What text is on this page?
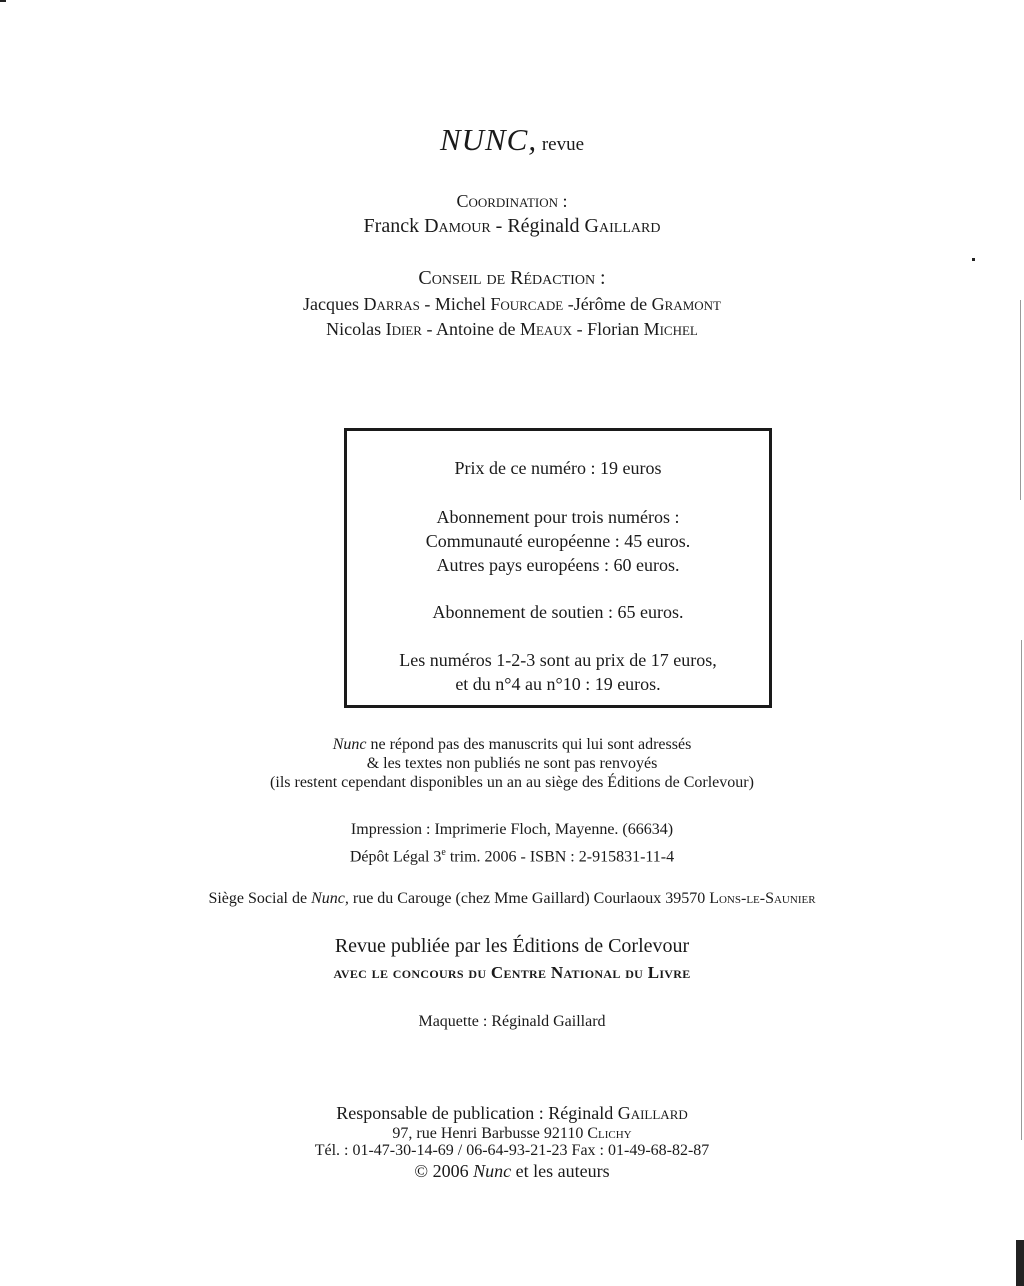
NUNC, revue
Coordination :
Franck Damour - Réginald Gaillard
Conseil de Rédaction :
Jacques Darras - Michel Fourcade -Jérôme de Gramont
Nicolas Idier - Antoine de Meaux - Florian Michel
Prix de ce numéro : 19 euros
Abonnement pour trois numéros :
Communauté européenne : 45 euros.
Autres pays européens : 60 euros.
Abonnement de soutien : 65 euros.
Les numéros 1-2-3 sont au prix de 17 euros,
et du n°4 au n°10 : 19 euros.
Nunc ne répond pas des manuscrits qui lui sont adressés
& les textes non publiés ne sont pas renvoyés
(ils restent cependant disponibles un an au siège des Éditions de Corlevour)
Impression : Imprimerie Floch, Mayenne. (66634)
Dépôt Légal 3e trim. 2006 - ISBN : 2-915831-11-4
Siège Social de Nunc, rue du Carouge (chez Mme Gaillard) Courlaoux 39570 Lons-le-Saunier
Revue publiée par les Éditions de Corlevour
avec le concours du Centre National du Livre
Maquette : Réginald Gaillard
Responsable de publication : Réginald Gaillard
97, rue Henri Barbusse 92110 Clichy
Tél. : 01-47-30-14-69 / 06-64-93-21-23 Fax : 01-49-68-82-87
© 2006 Nunc et les auteurs
